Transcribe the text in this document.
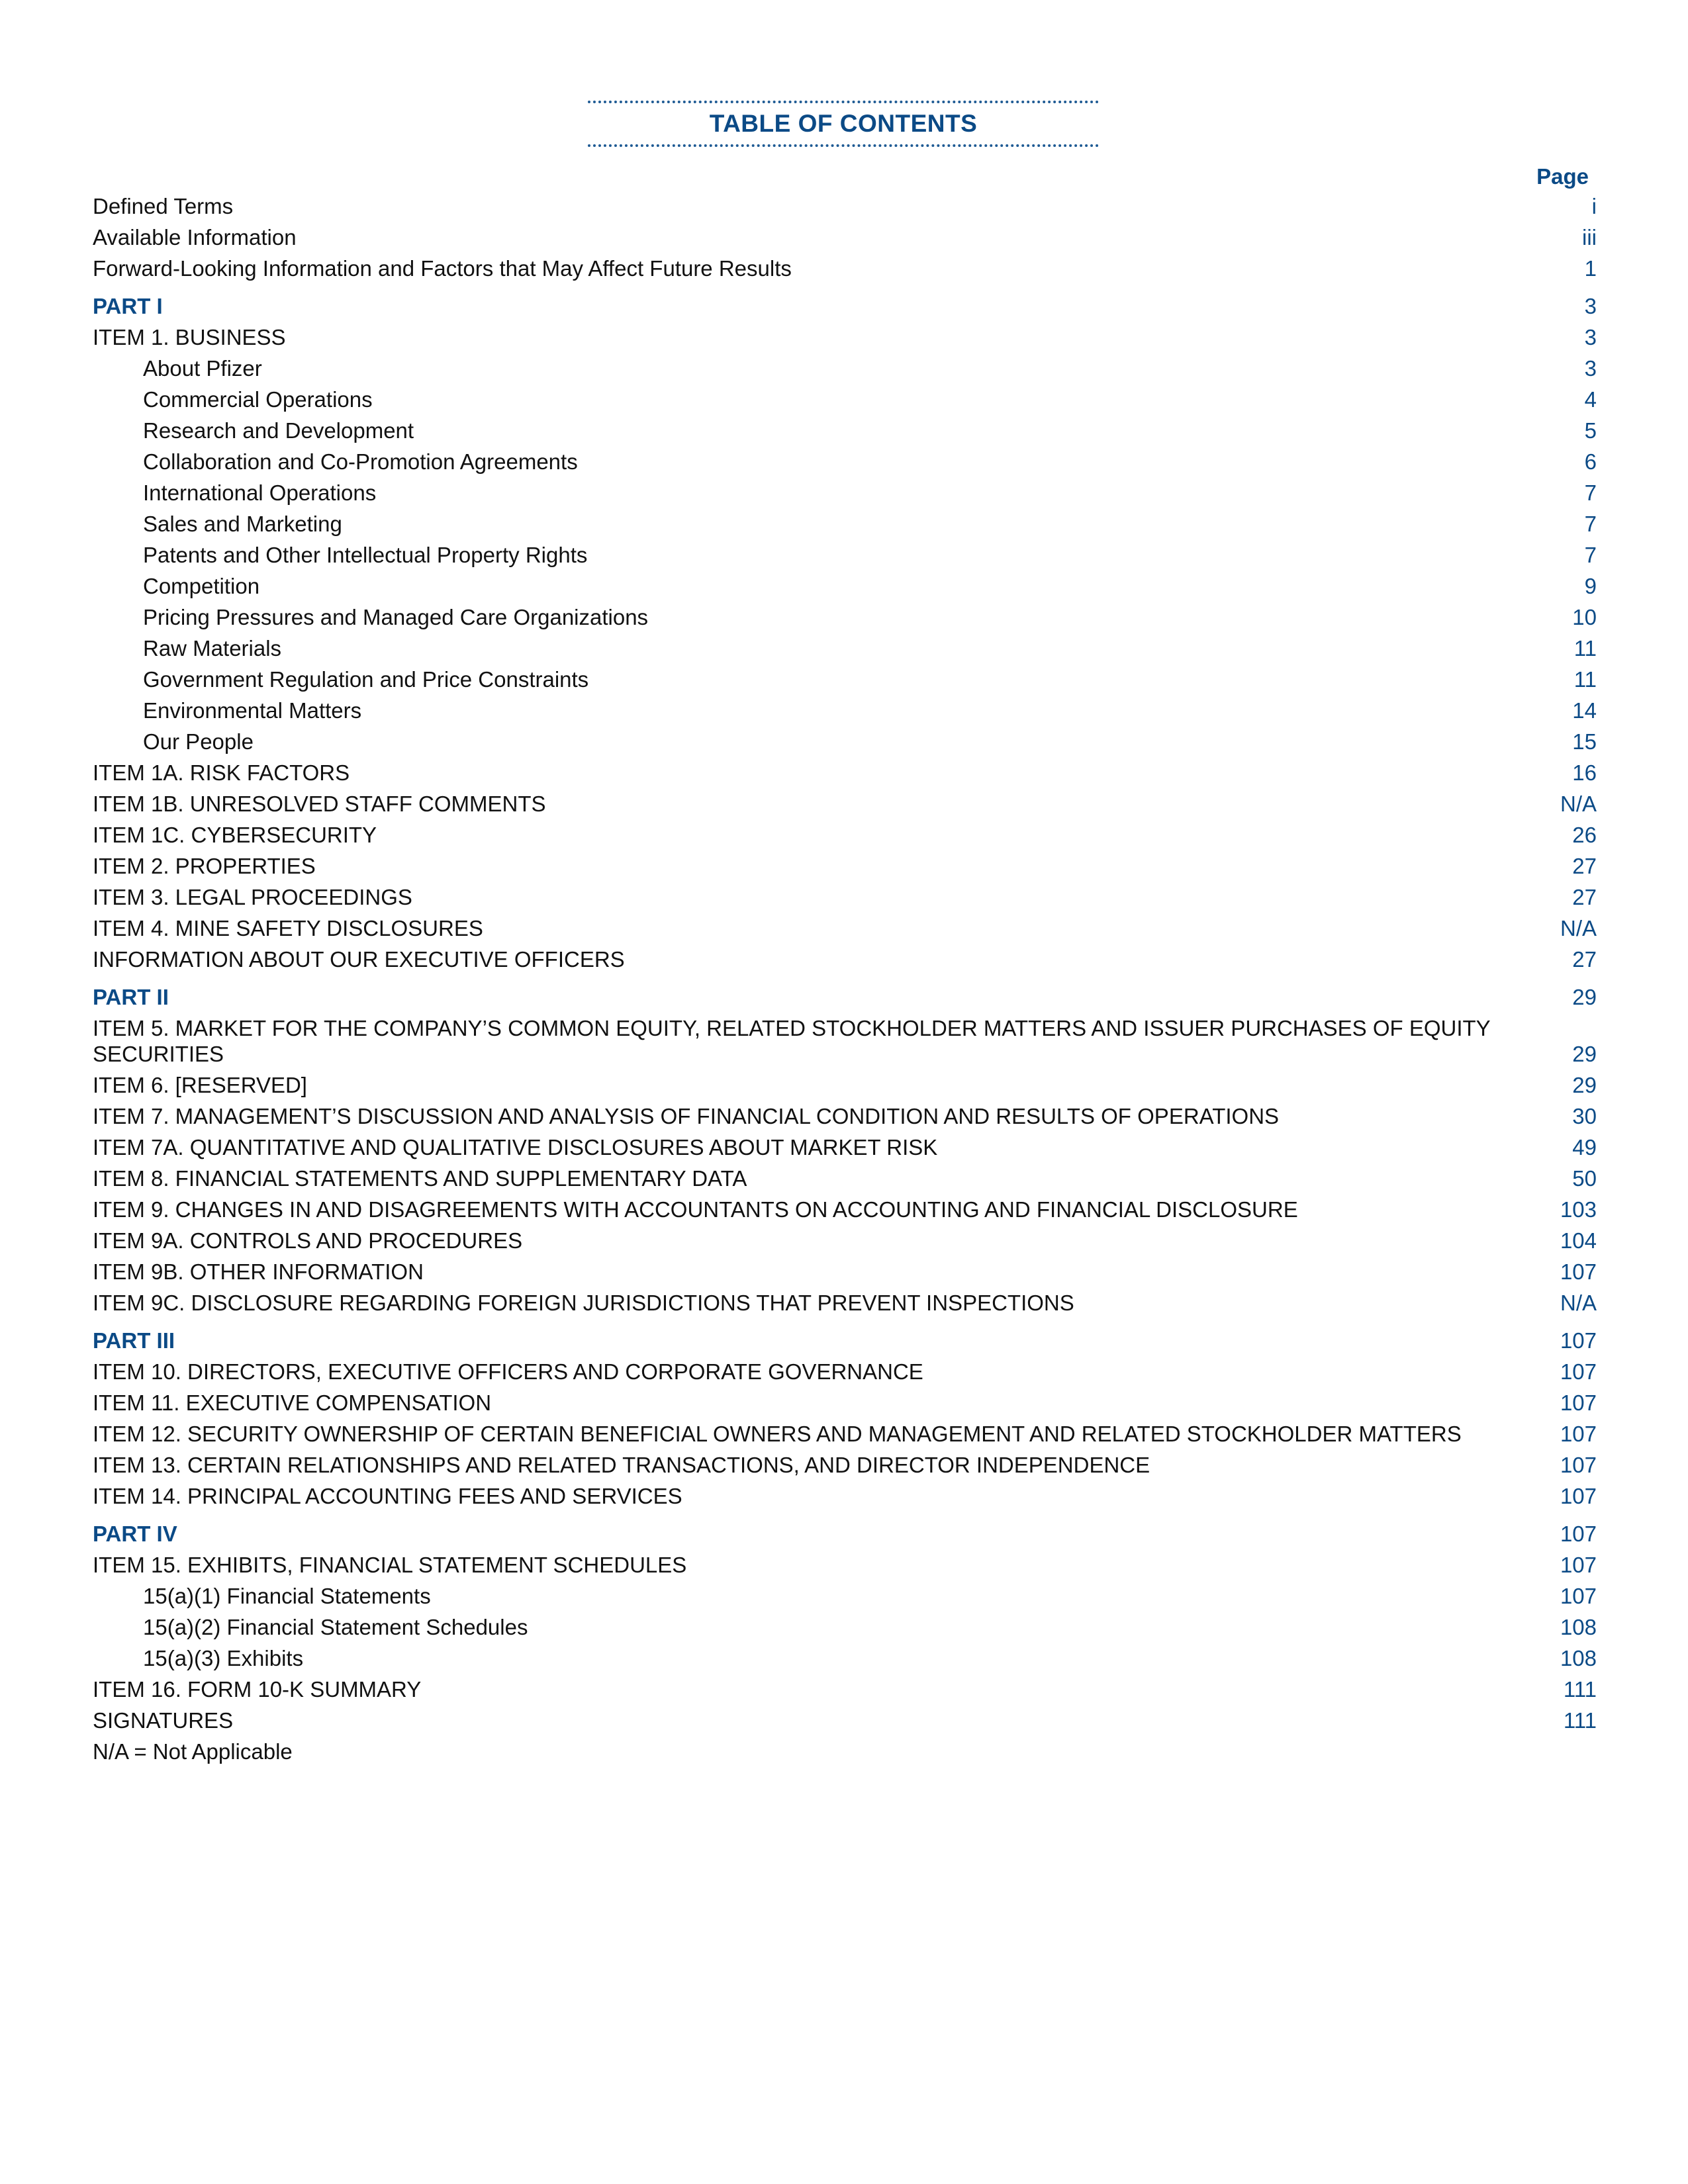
TABLE OF CONTENTS
Page
Defined Terms	i
Available Information	iii
Forward-Looking Information and Factors that May Affect Future Results	1
PART I	3
ITEM 1. BUSINESS	3
About Pfizer	3
Commercial Operations	4
Research and Development	5
Collaboration and Co-Promotion Agreements	6
International Operations	7
Sales and Marketing	7
Patents and Other Intellectual Property Rights	7
Competition	9
Pricing Pressures and Managed Care Organizations	10
Raw Materials	11
Government Regulation and Price Constraints	11
Environmental Matters	14
Our People	15
ITEM 1A. RISK FACTORS	16
ITEM 1B. UNRESOLVED STAFF COMMENTS	N/A
ITEM 1C. CYBERSECURITY	26
ITEM 2. PROPERTIES	27
ITEM 3. LEGAL PROCEEDINGS	27
ITEM 4. MINE SAFETY DISCLOSURES	N/A
INFORMATION ABOUT OUR EXECUTIVE OFFICERS	27
PART II	29
ITEM 5. MARKET FOR THE COMPANY’S COMMON EQUITY, RELATED STOCKHOLDER MATTERS AND ISSUER PURCHASES OF EQUITY SECURITIES	29
ITEM 6. [RESERVED]	29
ITEM 7. MANAGEMENT’S DISCUSSION AND ANALYSIS OF FINANCIAL CONDITION AND RESULTS OF OPERATIONS	30
ITEM 7A. QUANTITATIVE AND QUALITATIVE DISCLOSURES ABOUT MARKET RISK	49
ITEM 8. FINANCIAL STATEMENTS AND SUPPLEMENTARY DATA	50
ITEM 9. CHANGES IN AND DISAGREEMENTS WITH ACCOUNTANTS ON ACCOUNTING AND FINANCIAL DISCLOSURE	103
ITEM 9A. CONTROLS AND PROCEDURES	104
ITEM 9B. OTHER INFORMATION	107
ITEM 9C. DISCLOSURE REGARDING FOREIGN JURISDICTIONS THAT PREVENT INSPECTIONS	N/A
PART III	107
ITEM 10. DIRECTORS, EXECUTIVE OFFICERS AND CORPORATE GOVERNANCE	107
ITEM 11. EXECUTIVE COMPENSATION	107
ITEM 12. SECURITY OWNERSHIP OF CERTAIN BENEFICIAL OWNERS AND MANAGEMENT AND RELATED STOCKHOLDER MATTERS	107
ITEM 13. CERTAIN RELATIONSHIPS AND RELATED TRANSACTIONS, AND DIRECTOR INDEPENDENCE	107
ITEM 14. PRINCIPAL ACCOUNTING FEES AND SERVICES	107
PART IV	107
ITEM 15. EXHIBITS, FINANCIAL STATEMENT SCHEDULES	107
15(a)(1) Financial Statements	107
15(a)(2) Financial Statement Schedules	108
15(a)(3) Exhibits	108
ITEM 16. FORM 10-K SUMMARY	111
SIGNATURES	111
N/A = Not Applicable
